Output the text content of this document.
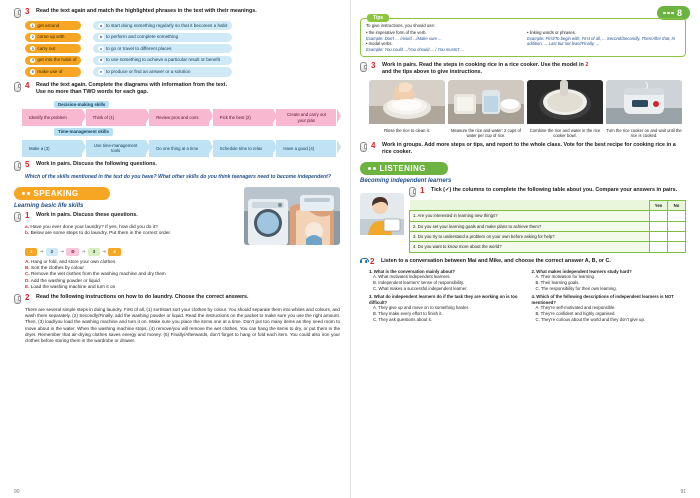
3	Read the text again and match the highlighted phrases in the text with their meanings.
1 get around
2 come up with
3 carry out
4 get into the habit of
5 make use of
a to start doing something regularly so that it becomes a habit
b to perform and complete something
c to go or travel to different places
d to use something to achieve a particular result or benefit
e to produce or find an answer or a solution
4	Read the text again. Complete the diagrams with information from the text.
Use no more than TWO words for each gap.
Decision-making skills
Identify the problem	Think of (1)	Review pros and cons	Pick the best (2)
Create and carry out your plan
Time-management skills
Make a (3)
Use time-management tools
Do one thing at a time	Schedule time to relax	Have a good (4)
5	Work in pairs. Discuss the following questions.
Which of the skills mentioned in the text do you have? What other skills do you think teenagers need to become independent?
SPEAKING
Learning basic life skills
1	Work in pairs. Discuss these questions.
a. Have you ever done your laundry? If yes, how did you do it?
b. Below are some steps to do laundry. Put them in the correct order.
1	➜	2	➜	D	➜	3	➜	4
A. Hang or fold, and store your own clothes
B. Sort the clothes by colour
C. Remove the wet clothes from the washing machine and dry them
D. Add the washing powder or liquid
E. Load the washing machine and turn it on
2	Read the following instructions on how to do laundry. Choose the correct answers.
There are several simple steps in doing laundry. First of all, (1) sort/start sort your clothes by colour. You should separate them into whites and colours, and wash them separately. (2) Secondly/Finally, add the washing powder or liquid. Read the instructions on the packet to make sure you use the right amount. Then, (3) load/you load the washing machine and turn it on. Make sure you place the items one at a time. Don't put too many items as they need room to move about in the water. When the washing machine stops, (4) remove/you will remove the wet clothes. You can hang the items to dry, or put them in the dryer. Remember that air-drying clothes saves energy and money. (5) Finally/Afterwards, don't forget to hang or fold each item. You could also iron your clothes before storing them in the wardrobe or drawer.
90
8
Tips
To give instructions, you should use:
• the imperative form of the verb.
Example: Don't ... /Avoid .../Make sure ...
• modal verbs.
Example: You could .../You should ... / You mustn't ...
• linking words or phrases.
Example: First/To begin with, First of all, ... Second/Secondly, Then/After that, In addition, ... Last but not least/Finally, ...
3	Work in pairs. Read the steps in cooking rice in a rice cooker. Use the model in 2
and the tips above to give instructions.
Rinse the rice to clean it.	Measure the rice and water: 2 cups of water per cup of rice.
Combine the rice and water in the rice cooker bowl.
Turn the rice cooker on and wait until the rice is cooked.
4	Work in groups. Add more steps or tips, and report to the whole class. Vote for the best recipe for cooking rice in a rice cooker.
LISTENING
Becoming independent learners
1	Tick (✓) the columns to complete the following table about you. Compare your answers in pairs.
	Yes	No
1. Are you interested in learning new things?		
2. Do you set your learning goals and make plans to achieve them?		
3. Do you try to understand a problem on your own before asking for help?		
4. Do you want to know more about the world?		
2	Listen to a conversation between Mai and Mike, and choose the correct answer A, B, or C.
1. What is the conversation mainly about?
A. What motivates independent learners.
B. Independent learners' sense of responsibility.
C. What makes a successful independent learner.
3. What do independent learners do if the task they are working on is too difficult?
A. They give up and move on to something harder.
B. They make every effort to finish it.
C. They ask questions about it.
2. What makes independent learners study hard?
A. Their motivation for learning.
B. Their learning goals.
C. The responsibility for their own learning.
4. Which of the following descriptions of independent learners is NOT mentioned?
A. They're self-motivated and responsible.
B. They're confident and highly organised.
C. They're curious about the world and they don't give up.
91
